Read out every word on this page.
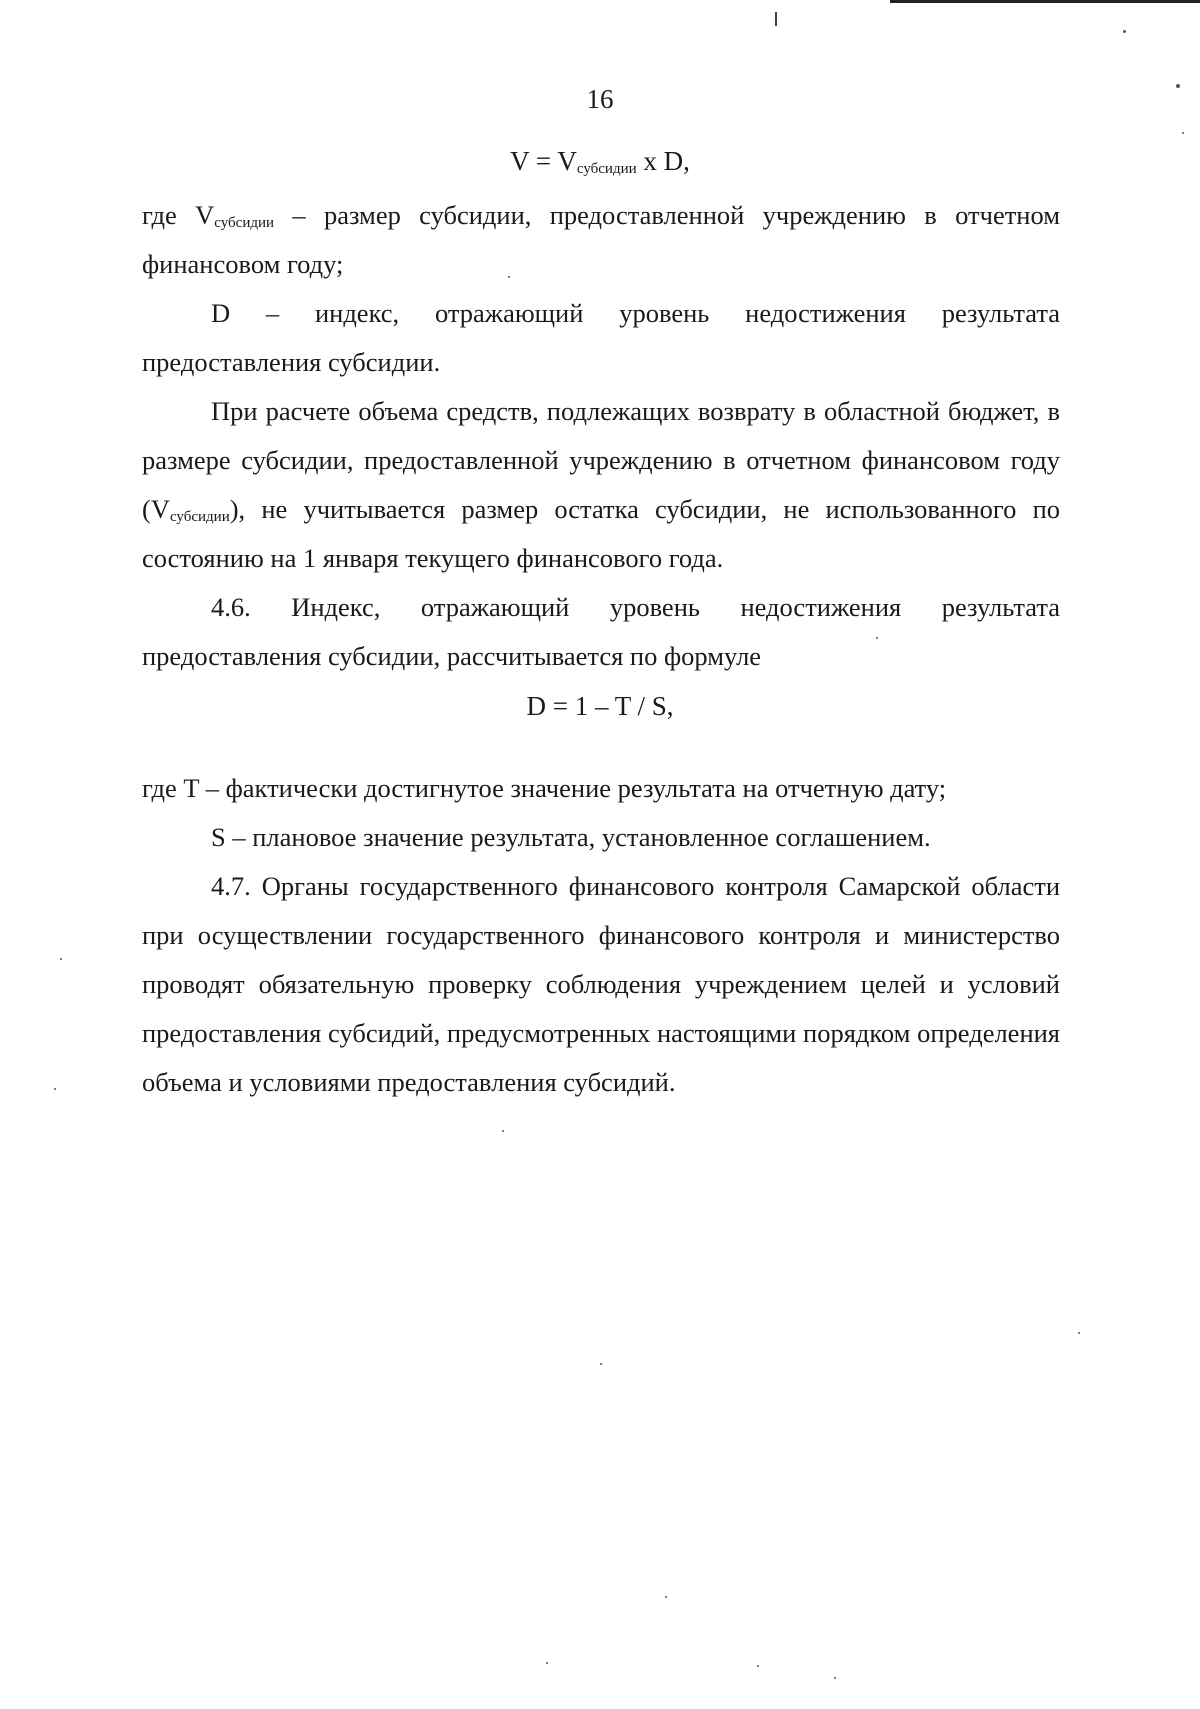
16
$V = V_{субсидии}$ x D,

где $V_{субсидии}$ – размер субсидии, предоставленной учреждению в отчетном финансовом году;

D – индекс, отражающий уровень недостижения результата предоставления субсидии.

При расчете объема средств, подлежащих возврату в областной бюджет, в размере субсидии, предоставленной учреждению в отчетном финансовом году $(V_{субсидии})$, не учитывается размер остатка субсидии, не использованного по состоянию на 1 января текущего финансового года.

4.6. Индекс, отражающий уровень недостижения результата предоставления субсидии, рассчитывается по формуле

D = 1 – T / S,

где T – фактически достигнутое значение результата на отчетную дату;

S – плановое значение результата, установленное соглашением.

4.7. Органы государственного финансового контроля Самарской области при осуществлении государственного финансового контроля и министерство проводят обязательную проверку соблюдения учреждением целей и условий предоставления субсидий, предусмотренных настоящими порядком определения объема и условиями предоставления субсидий.
